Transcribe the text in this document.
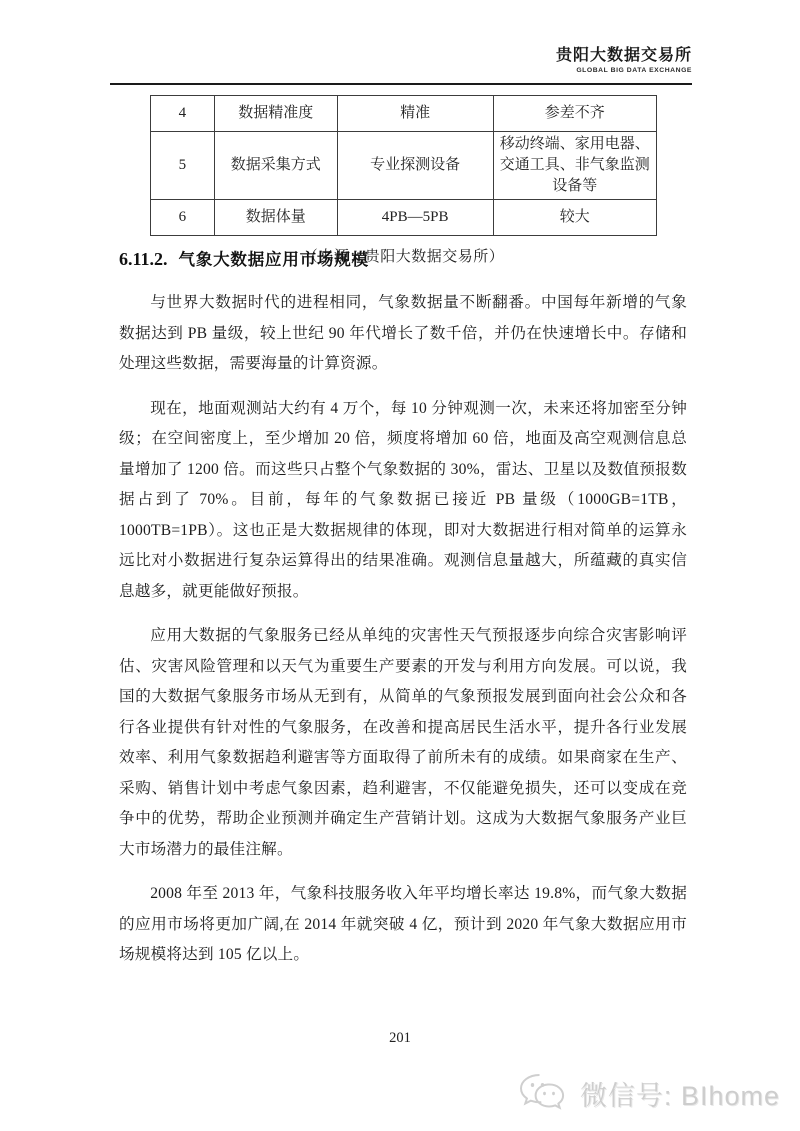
贵阳大数据交易所
GLOBAL BIG DATA EXCHANGE
4	数据精准度	精准	参差不齐
5	数据采集方式	专业探测设备	移动终端、家用电器、交通工具、非气象监测设备等
6	数据体量	4PB—5PB	较大
（来源：贵阳大数据交易所）
6.11.2. 气象大数据应用市场规模

与世界大数据时代的进程相同，气象数据量不断翻番。中国每年新增的气象数据达到 PB 量级，较上世纪 90 年代增长了数千倍，并仍在快速增长中。存储和处理这些数据，需要海量的计算资源。

现在，地面观测站大约有 4 万个，每 10 分钟观测一次，未来还将加密至分钟级；在空间密度上，至少增加 20 倍，频度将增加 60 倍，地面及高空观测信息总量增加了 1200 倍。而这些只占整个气象数据的 30%，雷达、卫星以及数值预报数据占到了 70%。目前，每年的气象数据已接近 PB 量级（1000GB=1TB，1000TB=1PB）。这也正是大数据规律的体现，即对大数据进行相对简单的运算永远比对小数据进行复杂运算得出的结果准确。观测信息量越大，所蕴藏的真实信息越多，就更能做好预报。

应用大数据的气象服务已经从单纯的灾害性天气预报逐步向综合灾害影响评估、灾害风险管理和以天气为重要生产要素的开发与利用方向发展。可以说，我国的大数据气象服务市场从无到有，从简单的气象预报发展到面向社会公众和各行各业提供有针对性的气象服务，在改善和提高居民生活水平，提升各行业发展效率、利用气象数据趋利避害等方面取得了前所未有的成绩。如果商家在生产、采购、销售计划中考虑气象因素，趋利避害，不仅能避免损失，还可以变成在竞争中的优势，帮助企业预测并确定生产营销计划。这成为大数据气象服务产业巨大市场潜力的最佳注解。

2008 年至 2013 年，气象科技服务收入年平均增长率达 19.8%，而气象大数据的应用市场将更加广阔,在 2014 年就突破 4 亿，预计到 2020 年气象大数据应用市场规模将达到 105 亿以上。

201
微信号: BIhome
